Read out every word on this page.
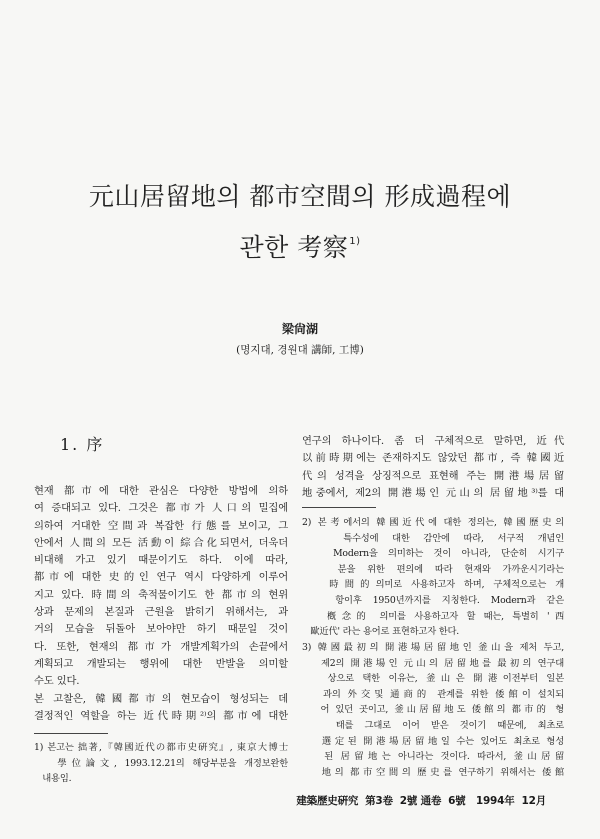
元山居留地의 都市空間의 形成過程에
관한 考察$^{1)}$
梁尙湖
(명지대, 경원대 講師, 工博)
1. 序
현재 都市에 대한 관심은 다양한 방법에 의하
여 증대되고 있다. 그것은 都市가 人口의 밀집에
의하여 거대한 空間과 복잡한 行態를 보이고, 그
안에서 人間의 모든 活動이 綜合化되면서, 더욱더
비대해 가고 있기 때문이기도 하다. 이에 따라,
都市에 대한 史的인 연구 역시 다양하게 이루어
지고 있다. 時間의 축적물이기도 한 都市의 현위
상과 문제의 본질과 근원을 밝히기 위해서는, 과
거의 모습을 뒤돌아 보아야만 하기 때문일 것이
다. 또한, 현재의 都市가 개발계획가의 손끝에서
계획되고 개발되는 행위에 대한 반발을 의미할
수도 있다.
본 고찰은, 韓國都市의 현모습이 형성되는 데
결정적인 역할을 하는 近代時期²⁾의 都市에 대한
1) 본고는 拙著,『韓國近代の都市史硏究』, 東京大博士
學位論文, 1993.12.21의 해당부분을 개정보완한
내용임.
연구의 하나이다. 좀 더 구체적으로 말하면, 近代
以前時期에는 존재하지도 않았던 都市, 즉 韓國近
代의 성격을 상징적으로 표현해 주는 開港場居留
地중에서, 제2의 開港場인 元山의 居留地³⁾를 대
2) 본考에서의 韓國近代에 대한 정의는, 韓國歷史의
특수성에 대한 감안에 따라, 서구적 개념인
Modern을 의미하는 것이 아니라, 단순히 시기구
분을 위한 편의에 따라 현재와 가까운시기라는
時間的의미로 사용하고자 하며, 구체적으로는 개
항이후 1950년까지를 지칭한다. Modern과 같은
槪念的 의미를 사용하고자 할 때는, 특별히 '西
歐近代' 라는 용어로 표현하고자 한다.
3) 韓國最初의 開港場居留地인 釜山을 제처 두고,
제2의 開港場인 元山의 居留地를 最初의 연구대
상으로 택한 이유는, 釜山은 開港이전부터 일본
과의 外交및 通商的 관계를 위한 倭館이 설치되
어 있던 곳이고, 釜山居留地도 倭館의 都市的 형
태를 그대로 이어 받은 것이기 때문에, 최초로
選定된 開港場居留地일 수는 있어도 최초로 형성
된 居留地는 아니라는 것이다. 따라서, 釜山居留
地의 都市空間의 歷史를 연구하기 위해서는 倭館
建築歷史硏究  第3卷  2號 通卷  6號   1994年  12月
